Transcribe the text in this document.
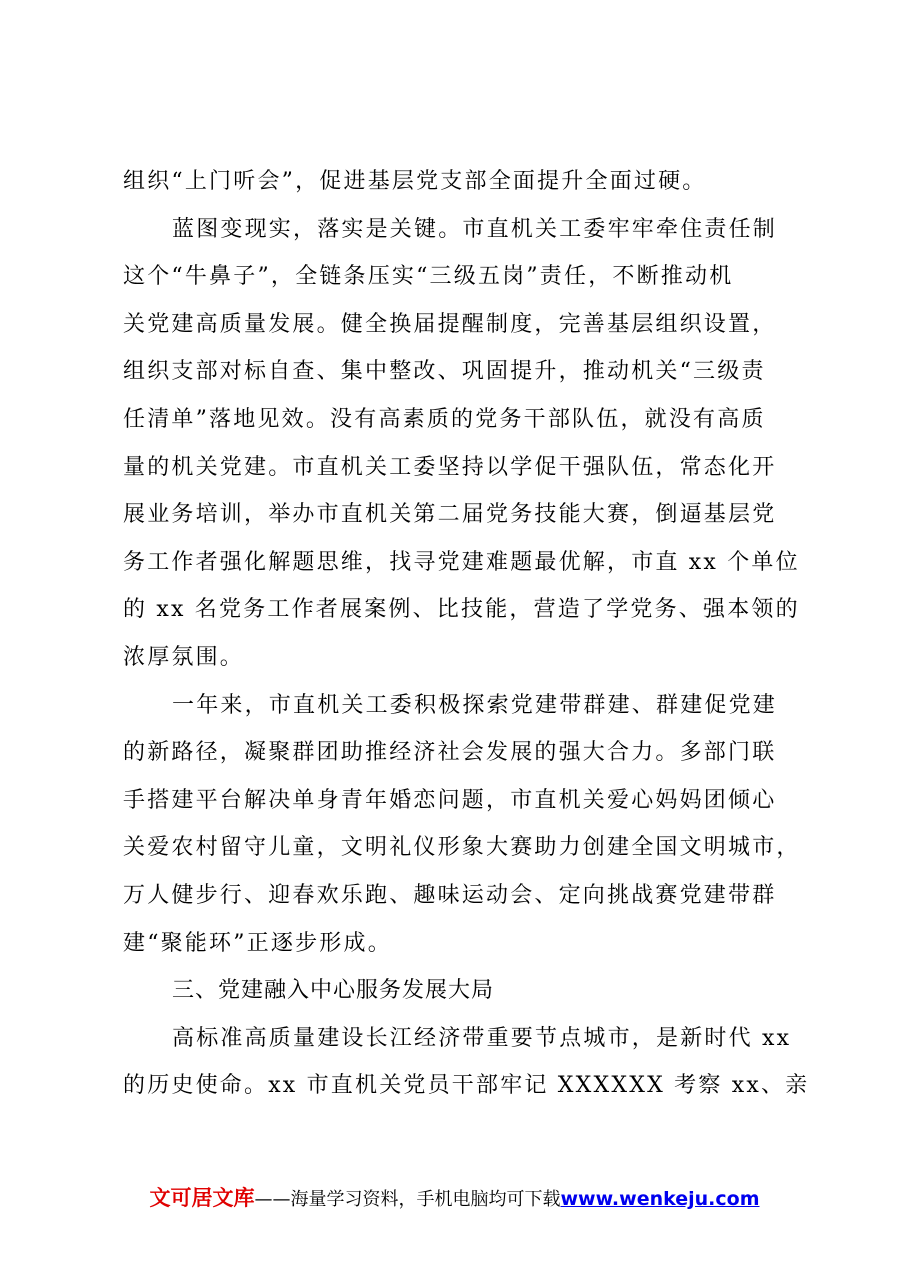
组织“上门听会”，促进基层党支部全面提升全面过硬。
蓝图变现实，落实是关键。市直机关工委牢牢牵住责任制
这个“牛鼻子”，全链条压实“三级五岗”责任，不断推动机
关党建高质量发展。健全换届提醒制度，完善基层组织设置，
组织支部对标自查、集中整改、巩固提升，推动机关“三级责
任清单”落地见效。没有高素质的党务干部队伍，就没有高质
量的机关党建。市直机关工委坚持以学促干强队伍，常态化开
展业务培训，举办市直机关第二届党务技能大赛，倒逼基层党
务工作者强化解题思维，找寻党建难题最优解，市直 xx 个单位
的 xx 名党务工作者展案例、比技能，营造了学党务、强本领的
浓厚氛围。
一年来，市直机关工委积极探索党建带群建、群建促党建
的新路径，凝聚群团助推经济社会发展的强大合力。多部门联
手搭建平台解决单身青年婚恋问题，市直机关爱心妈妈团倾心
关爱农村留守儿童，文明礼仪形象大赛助力创建全国文明城市，
万人健步行、迎春欢乐跑、趣味运动会、定向挑战赛党建带群
建“聚能环”正逐步形成。
三、党建融入中心服务发展大局
高标准高质量建设长江经济带重要节点城市，是新时代 xx
的历史使命。xx 市直机关党员干部牢记 XXXXXX 考察 xx、亲
文可居文库——海量学习资料，手机电脑均可下载www.wenkeju.com
